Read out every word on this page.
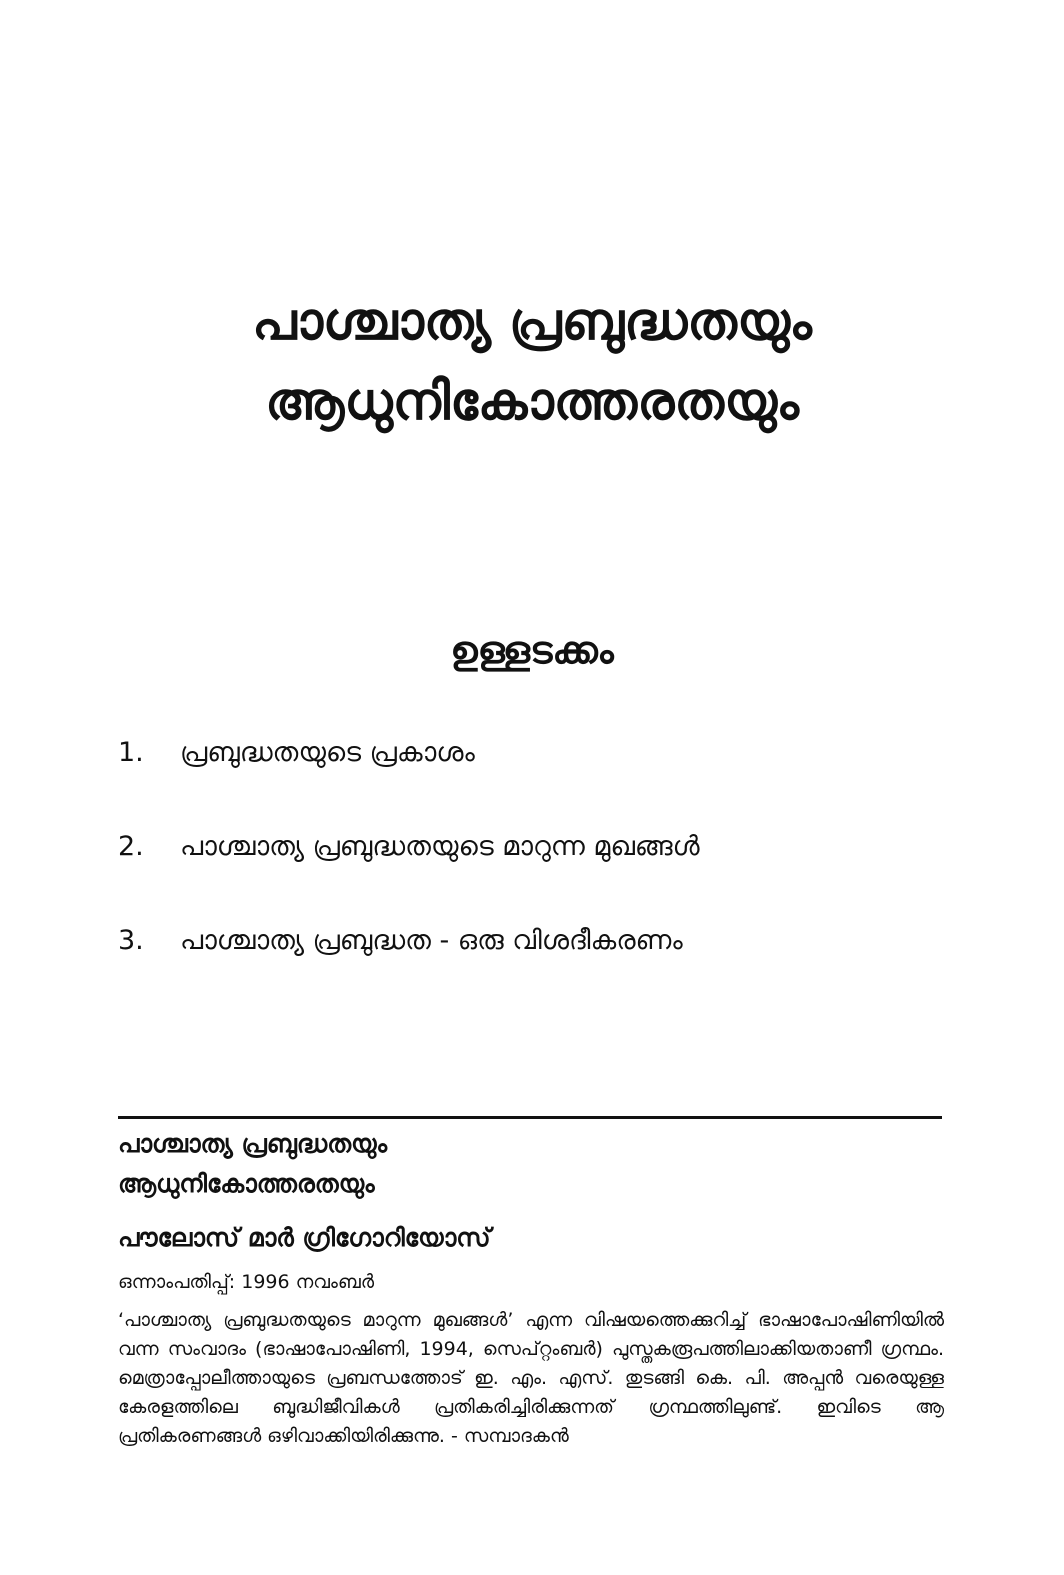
പാശ്ചാത്യ പ്രബുദ്ധതയും
ആധുനികോത്തരതയും
ഉള്ളടക്കം
1. പ്രബുദ്ധതയുടെ പ്രകാശം
2. പാശ്ചാത്യ പ്രബുദ്ധതയുടെ മാറുന്ന മുഖങ്ങള്‍
3. പാശ്ചാത്യ പ്രബുദ്ധത - ഒരു വിശദീകരണം
പാശ്ചാത്യ പ്രബുദ്ധതയും
ആധുനികോത്തരതയും
പൗലോസ് മാര്‍ ഗ്രിഗോറിയോസ്
ഒന്നാംപതിപ്പ്: 1996 നവംബര്‍

‘പാശ്ചാത്യ പ്രബുദ്ധതയുടെ മാറുന്ന മുഖങ്ങള്‍’ എന്ന വിഷയത്തെക്കുറിച്ച് ഭാഷാപോഷിണിയില്‍ വന്ന സംവാദം (ഭാഷാപോഷിണി, 1994, സെപ്റ്റംബര്‍) പുസ്തകരൂപത്തിലാക്കിയതാണീ ഗ്രന്ഥം. മെത്രാപ്പോലീത്തായുടെ പ്രബന്ധത്തോട് ഇ. എം. എസ്. തുടങ്ങി കെ. പി. അപ്പന്‍ വരെയുള്ള കേരളത്തിലെ ബുദ്ധിജീവികള്‍ പ്രതികരിച്ചിരിക്കുന്നത് ഗ്രന്ഥത്തിലുണ്ട്. ഇവിടെ ആ പ്രതികരണങ്ങള്‍ ഒഴിവാക്കിയിരിക്കുന്നു. - സമ്പാദകന്‍
